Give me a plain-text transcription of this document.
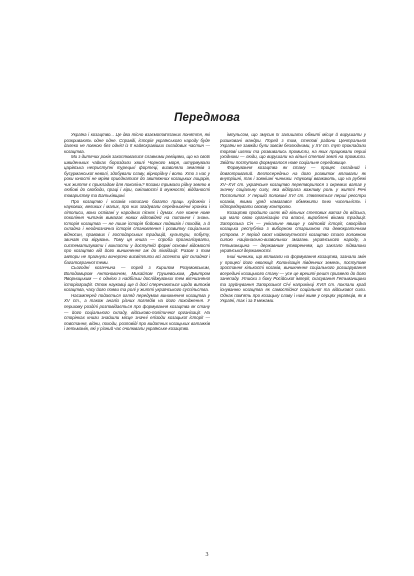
Передмова

Україна і козацтво... Це два тісно взаємопов'язаних поняття, які розкривають одне одне. Справді, історія українського народу буде далеко не повною без однієї із її найяскравіших складових частин — козацтва.

Ми з дитячих років захоплювалися славними ревіцями, що на своїх швиденьких чайках бороздили хвилі Чорного моря, штурмували царівська неприступні турецькі фортеці, визволяли земляків з бусурманської неволі, здобували славу, вірнорідну і волю. Хто з нас у роки юності не мріяв приєднатися до звитяжних козацьких лицарів, чиє життя є прикладом для поколінь? Козаки тримали рідну землю в любові до свободи, праці і віри, сміливості й мужності, відданості товариству та Батьківщині.

Про козацтво і козаків написано багато праць художніх і наукових, великих і малих, про них згадували середньовічні хроніки і літописи, вони оспівані у народних піснях і думах. Але кожне нове покоління читачів вимагає нових відповідей на питання і знань. Історія козацтва — не лише історія бойових подвигів і походів, а й складна і неоднозначна історія становлення і розвитку соціальних відносин, правових і господарських традицій, культури, побуту, звичаїв та вірувань. Тому ця книга — спроба проаналізувати, систематизувати і викласти у доступній формі основні відомості про козацтво від його виникнення аж до ліквідації. Разом з тим автори не прагнули вичерпно висвітлити всі аспекти цієї складної і багатогранної теми.

Сьогодні козаччина — поряд з Кирилом Розумовським, Володимиром Антоновичем, Михайлом Грушевським, Дмитром Яворницьким — є однією з найбільш досліджуваних тем вітчизняної історіографії. Отож науковці ще й досі сперечаються щодо витоків козацтва, часу його появи та ролі у житті українського суспільства.

Насамперед подається огляд передумов виникнення козацтва у ХV ст., а також аналіз різних поглядів на його походження. У першому розділі розповідається про формування козацтва як стану — його соціального складу, військово-політичної організації. На сторінках книги знайшли місце значні епізоди козацької історії — повстання, війни, походи, розповіді про видатних козацьких ватажків і гетьманів, які у різний час очолювали українське козацтво.

імпульсом, що змусив їх залишати обжиті місця й вирушати у ризиковані мандри. Поряд з тим, степові райони Центральної України не завжди були зовсім безлюдними, у ХV ст. тут прокладали торгові шляхи та розвивались промисли, на яких працювали перші уходники — люди, що вирушали на вільні степові землі на промисли. Звідти поступово формувалося нове соціальне середовище.

Формування козацтва як стану — процес складний і довготривалий. Безпосередньо на його розвиток впливали як внутрішні, так і зовнішні чинники. Науковці вважають, що на рубежі ХV–ХVІ ст. українське козацтво перетворилося з окремих ватаг у значну соціальну силу, яка відіграла важливу роль у житті Речі Посполитої. У першій половині ХVІ ст. з'являються перші реєстри козаків, якими уряд намагався обмежити їхню чисельність і підпорядкувати своєму контролю.

Козацтво пройшло шлях від вільних степових ватаг до війська, що мало свою організацію та власні, вироблені віками традиції. Запорозька Січ — унікальне явище у світовій історії, своєрідна козацька республіка з виборною старшиною та демократичним устроєм. У період своєї наймогутності козацтво стало головною силою національно-визвольних змагань українського народу, а Гетьманщина — державним утворенням, що заклало підвалини української державності.

Інші чинники, що впливали на формування козацтва, зазнали змін у процесі його еволюції. Колонізація південних земель, поступове зростання кількості козаків, виникнення соціального розшарування всередині козацького стану — усе це врешті-решт призвело до його занепаду. Утиски з боку Російської імперії, скасування Гетьманщини та зруйнування Запорозької Січі наприкінці ХVІІІ ст. поклали край існуванню козацтва як самостійної соціальної та військової сили. Однак пам'ять про козацьку славу і нині живе у серцях українців, як в Україні, так і за її межами.

3
